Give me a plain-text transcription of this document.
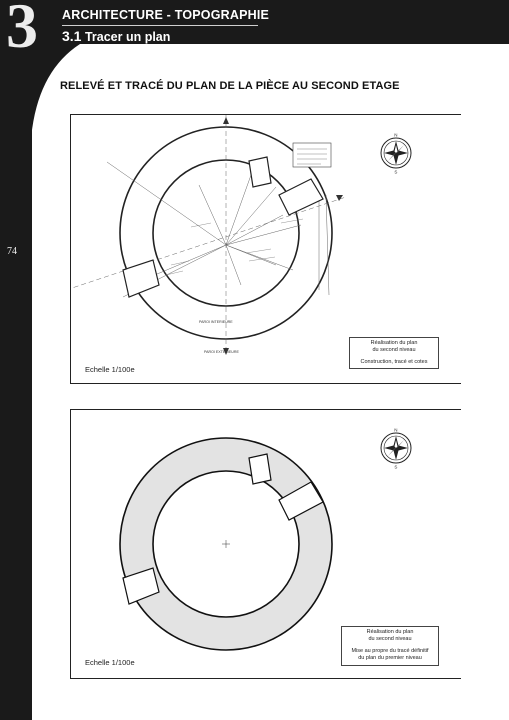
3 ARCHITECTURE - TOPOGRAPHIE
3.1 Tracer un plan
74
RELEVÉ ET TRACÉ DU PLAN DE LA PIÈCE AU SECOND ETAGE
PAROI INTERIEURE
PAROI EXTERIEURE
N
S
Echelle 1/100e
Réalisation du plan
du second niveau
Construction, tracé et cotes
N
S
Echelle 1/100e
Réalisation du plan
du second niveau
Mise au propre du tracé définitif
du plan du premier niveau
